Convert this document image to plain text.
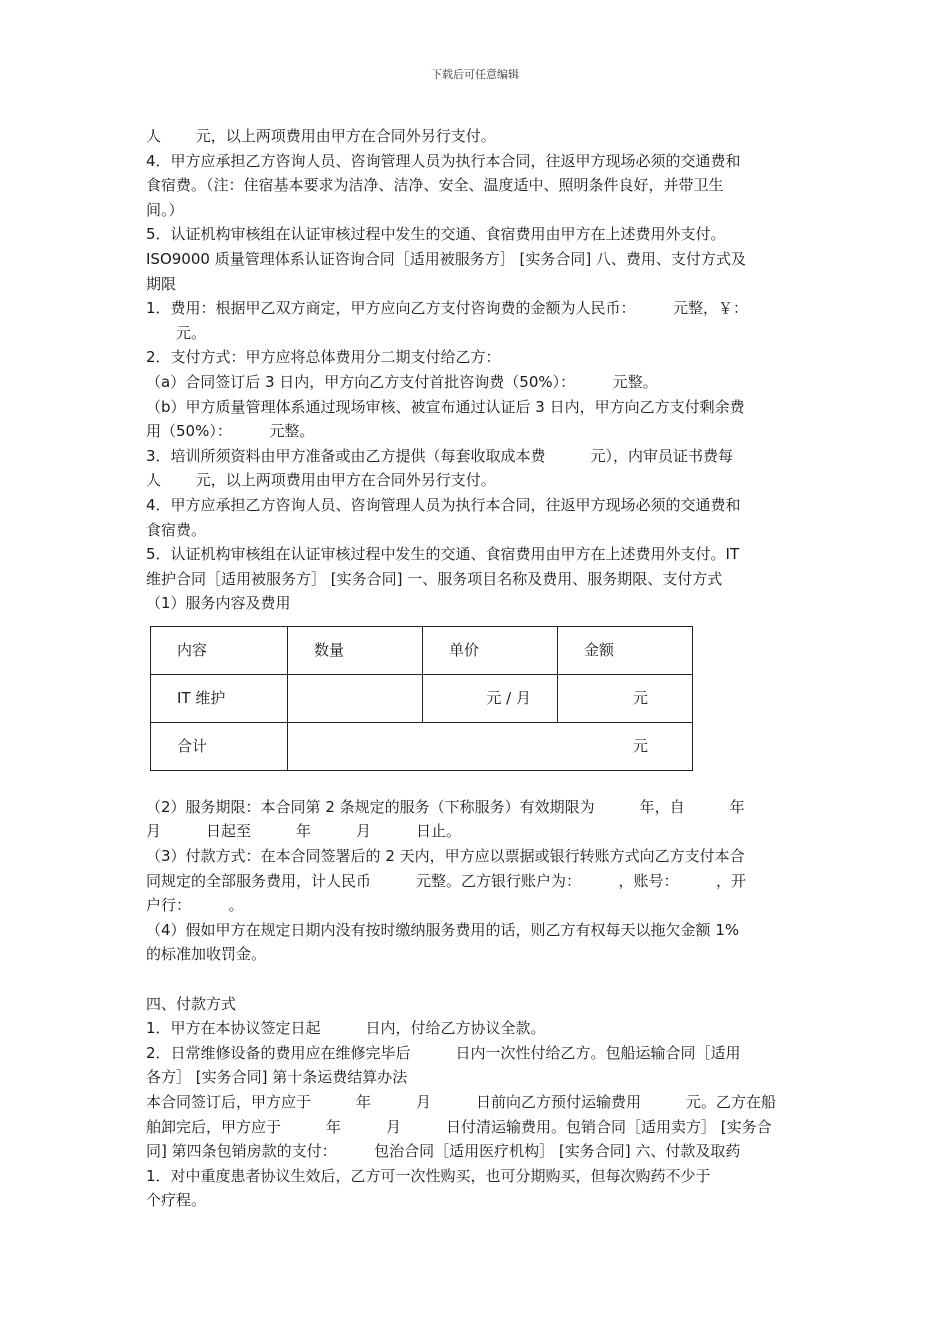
下载后可任意编辑
人　　 元，以上两项费用由甲方在合同外另行支付。
4．甲方应承担乙方咨询人员、咨询管理人员为执行本合同，往返甲方现场必须的交通费和
食宿费。（注：住宿基本要求为洁净、洁净、安全、温度适中、照明条件良好，并带卫生
间。）
5．认证机构审核组在认证审核过程中发生的交通、食宿费用由甲方在上述费用外支付。
ISO9000 质量管理体系认证咨询合同［适用被服务方］ [实务合同] 八、费用、支付方式及
期限
1．费用：根据甲乙双方商定，甲方应向乙方支付咨询费的金额为人民币：　　　元整，￥：
　　元。
2．支付方式：甲方应将总体费用分二期支付给乙方：
（a）合同签订后 3 日内，甲方向乙方支付首批咨询费（50%）：　　　元整。
（b）甲方质量管理体系通过现场审核、被宣布通过认证后 3 日内，甲方向乙方支付剩余费
用（50%）：　　　元整。
3．培训所须资料由甲方准备或由乙方提供（每套收取成本费　　　元），内审员证书费每
人　　 元，以上两项费用由甲方在合同外另行支付。
4．甲方应承担乙方咨询人员、咨询管理人员为执行本合同，往返甲方现场必须的交通费和
食宿费。
5．认证机构审核组在认证审核过程中发生的交通、食宿费用由甲方在上述费用外支付。IT
维护合同［适用被服务方］ [实务合同] 一、服务项目名称及费用、服务期限、支付方式
（1）服务内容及费用
内容	数量	单价	金额
IT 维护		元 / 月	元
合计	元		
（2）服务期限：本合同第 2 条规定的服务（下称服务）有效期限为　　　年，自　　　年
月　　　日起至　　　年　　　月　　　日止。
（3）付款方式：在本合同签署后的 2 天内，甲方应以票据或银行转账方式向乙方支付本合
同规定的全部服务费用，计人民币　　　元整。乙方银行账户为：　　　，账号：　　　，开
户行：　　　。
（4）假如甲方在规定日期内没有按时缴纳服务费用的话，则乙方有权每天以拖欠金额 1%
的标准加收罚金。
四、付款方式
1．甲方在本协议签定日起　　　日内，付给乙方协议全款。
2．日常维修设备的费用应在维修完毕后　　　日内一次性付给乙方。包船运输合同［适用
各方］ [实务合同] 第十条运费结算办法
本合同签订后，甲方应于　　　年　　　月　　　日前向乙方预付运输费用　　　元。乙方在船
舶卸完后，甲方应于　　　年　　　月　　　日付清运输费用。包销合同［适用卖方］ [实务合
同] 第四条包销房款的支付：　　　包治合同［适用医疗机构］ [实务合同] 六、付款及取药
1．对中重度患者协议生效后，乙方可一次性购买，也可分期购买，但每次购药不少于
个疗程。
